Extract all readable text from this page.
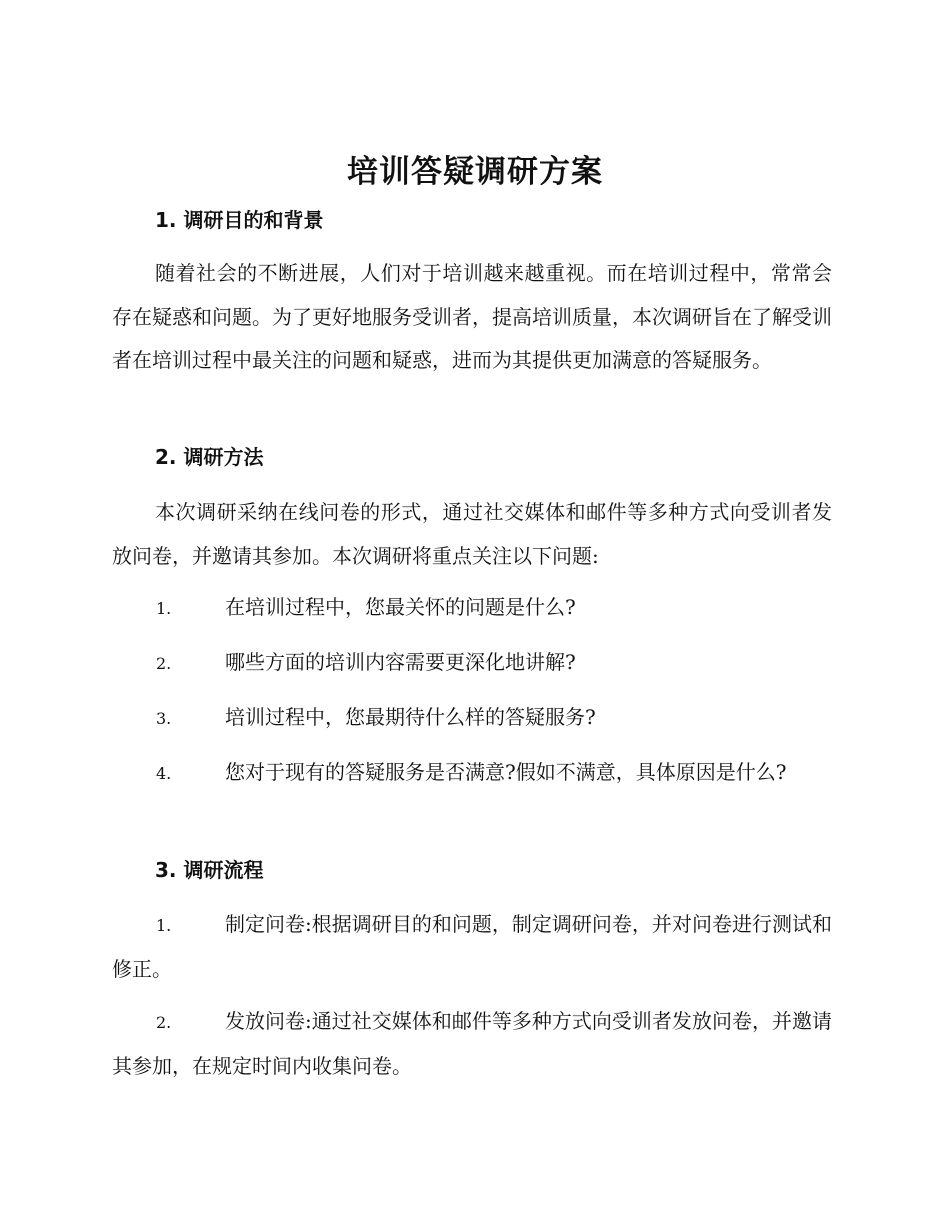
培训答疑调研方案
1. 调研目的和背景
随着社会的不断进展，人们对于培训越来越重视。而在培训过程中，常常会存在疑惑和问题。为了更好地服务受训者，提高培训质量，本次调研旨在了解受训者在培训过程中最关注的问题和疑惑，进而为其提供更加满意的答疑服务。
2. 调研方法
本次调研采纳在线问卷的形式，通过社交媒体和邮件等多种方式向受训者发放问卷，并邀请其参加。本次调研将重点关注以下问题:
1.	在培训过程中，您最关怀的问题是什么?
2.	哪些方面的培训内容需要更深化地讲解?
3.	培训过程中，您最期待什么样的答疑服务?
4.	您对于现有的答疑服务是否满意?假如不满意，具体原因是什么?
3. 调研流程
1.	制定问卷:根据调研目的和问题，制定调研问卷，并对问卷进行测试和修正。
2.	发放问卷:通过社交媒体和邮件等多种方式向受训者发放问卷，并邀请其参加，在规定时间内收集问卷。
